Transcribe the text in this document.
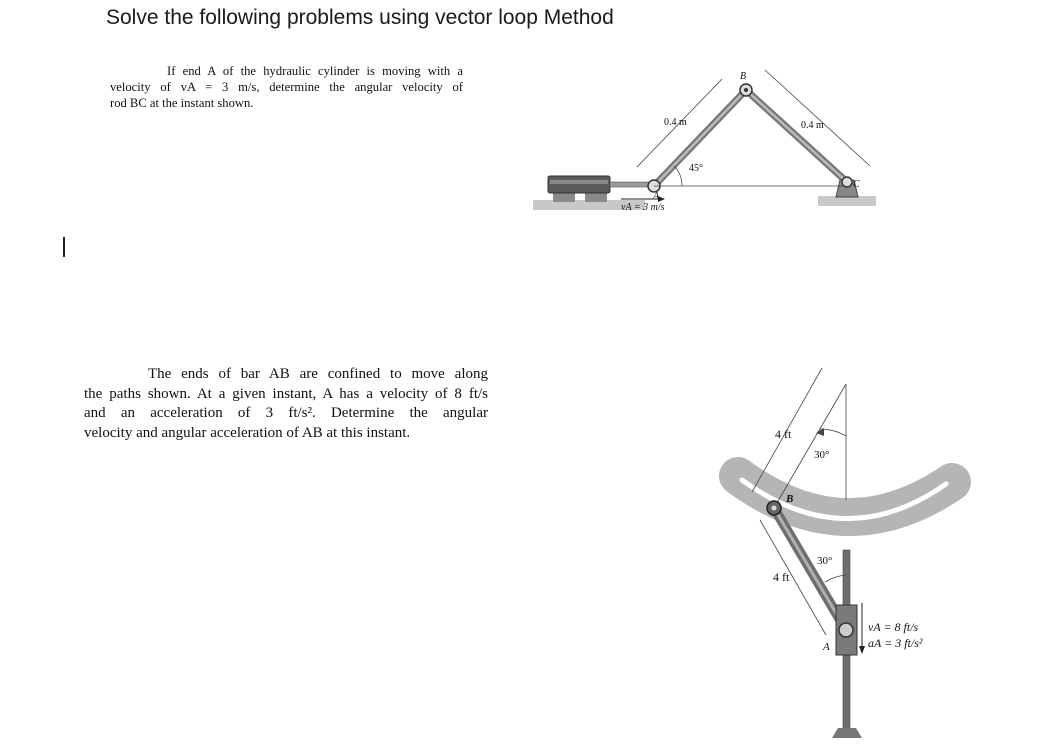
Solve the following problems using vector loop Method
If end A of the hydraulic cylinder is moving with a
velocity of vA = 3 m/s, determine the angular velocity of
rod BC at the instant shown.
The ends of bar AB are confined to move along
the paths shown. At a given instant, A has a velocity of 8 ft/s
and an acceleration of 3 ft/s². Determine the angular
velocity and angular acceleration of AB at this instant.
B
C
A
0.4 m	0.4 m
45°
vA = 3 m/s
4 ft
30°
B
30°
4 ft
A
vA = 8 ft/s
aA = 3 ft/s²
